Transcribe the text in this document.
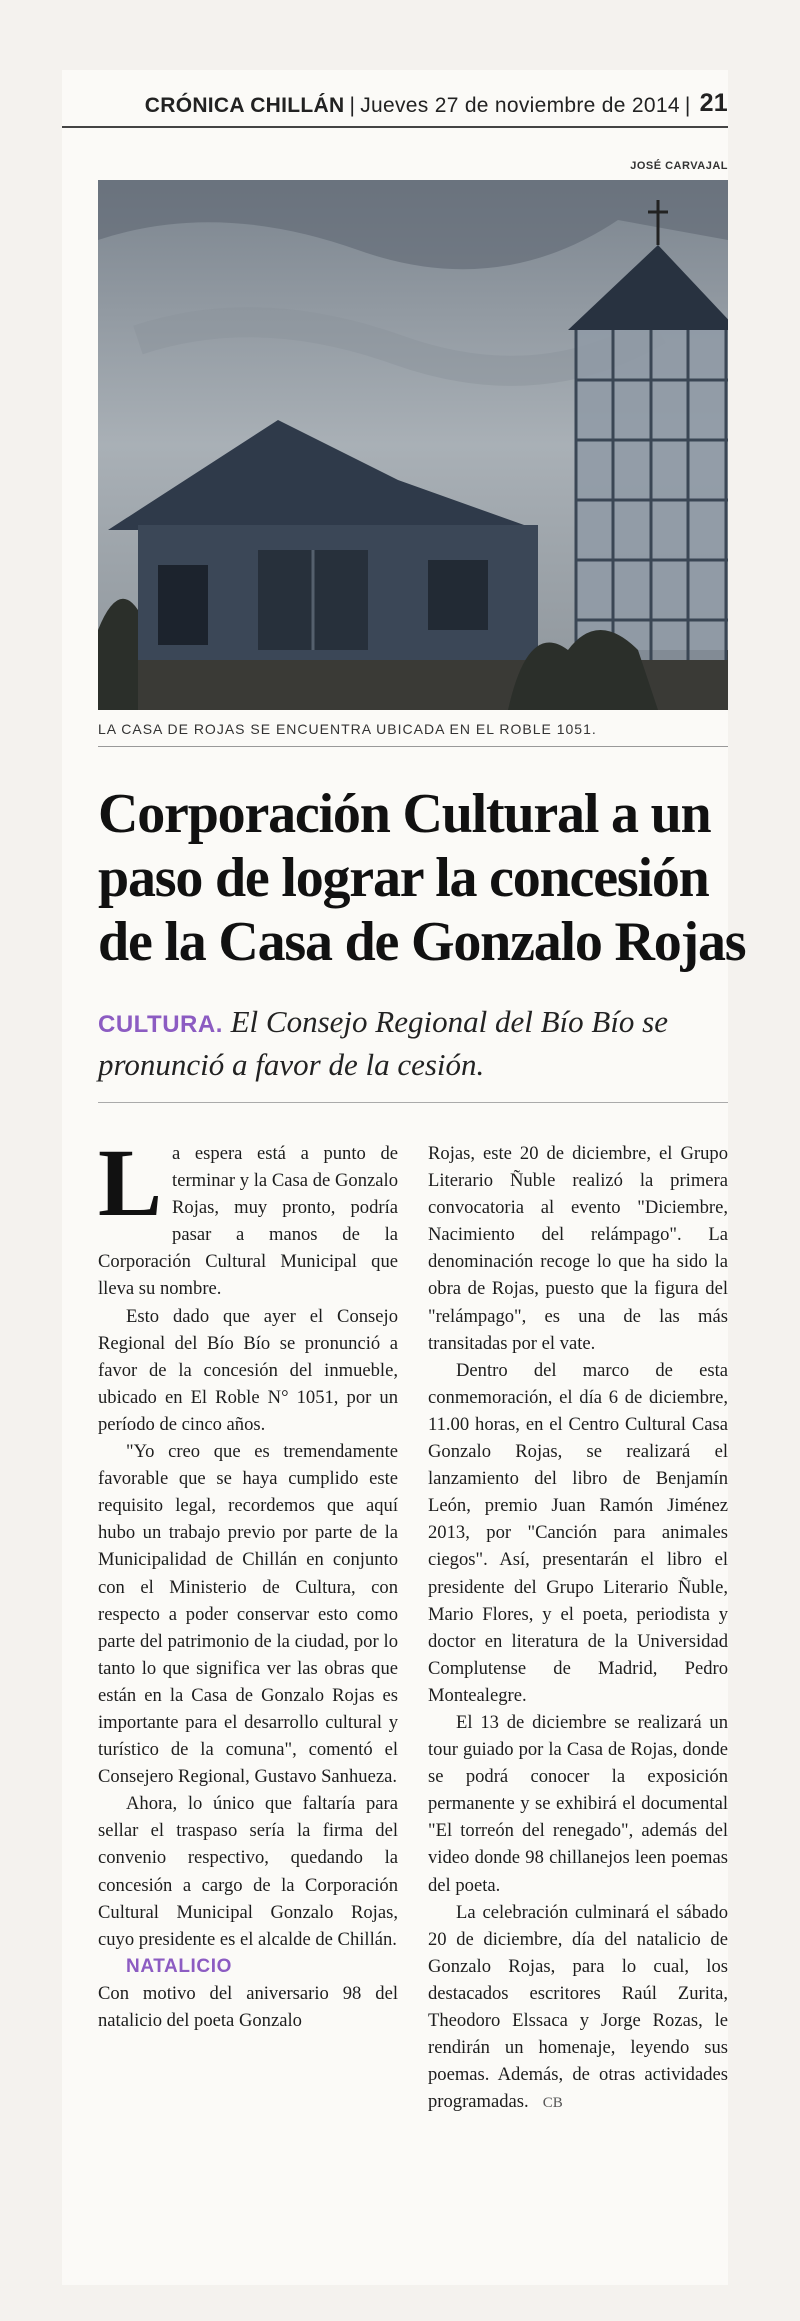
CRÓNICA CHILLÁN | Jueves 27 de noviembre de 2014 | 21
JOSÉ CARVAJAL
LA CASA DE ROJAS SE ENCUENTRA UBICADA EN EL ROBLE 1051.
Corporación Cultural a un
paso de lograr la concesión
de la Casa de Gonzalo Rojas
CULTURA. El Consejo Regional del Bío Bío se pronunció a favor de la cesión.

La espera está a punto de terminar y la Casa de Gonzalo Rojas, muy pronto, podría pasar a manos de la Corporación Cultural Municipal que lleva su nombre.

Esto dado que ayer el Consejo Regional del Bío Bío se pronunció a favor de la concesión del inmueble, ubicado en El Roble N° 1051, por un período de cinco años.

"Yo creo que es tremendamente favorable que se haya cumplido este requisito legal, recordemos que aquí hubo un trabajo previo por parte de la Municipalidad de Chillán en conjunto con el Ministerio de Cultura, con respecto a poder conservar esto como parte del patrimonio de la ciudad, por lo tanto lo que significa ver las obras que están en la Casa de Gonzalo Rojas es importante para el desarrollo cultural y turístico de la comuna", comentó el Consejero Regional, Gustavo Sanhueza.

Ahora, lo único que faltaría para sellar el traspaso sería la firma del convenio respectivo, quedando la concesión a cargo de la Corporación Cultural Municipal Gonzalo Rojas, cuyo presidente es el alcalde de Chillán.

NATALICIO

Con motivo del aniversario 98 del natalicio del poeta Gonzalo

Rojas, este 20 de diciembre, el Grupo Literario Ñuble realizó la primera convocatoria al evento "Diciembre, Nacimiento del relámpago". La denominación recoge lo que ha sido la obra de Rojas, puesto que la figura del "relámpago", es una de las más transitadas por el vate.

Dentro del marco de esta conmemoración, el día 6 de diciembre, 11.00 horas, en el Centro Cultural Casa Gonzalo Rojas, se realizará el lanzamiento del libro de Benjamín León, premio Juan Ramón Jiménez 2013, por "Canción para animales ciegos". Así, presentarán el libro el presidente del Grupo Literario Ñuble, Mario Flores, y el poeta, periodista y doctor en literatura de la Universidad Complutense de Madrid, Pedro Montealegre.

El 13 de diciembre se realizará un tour guiado por la Casa de Rojas, donde se podrá conocer la exposición permanente y se exhibirá el documental "El torreón del renegado", además del video donde 98 chillanejos leen poemas del poeta.

La celebración culminará el sábado 20 de diciembre, día del natalicio de Gonzalo Rojas, para lo cual, los destacados escritores Raúl Zurita, Theodoro Elssaca y Jorge Rozas, le rendirán un homenaje, leyendo sus poemas. Además, de otras actividades programadas. CB
